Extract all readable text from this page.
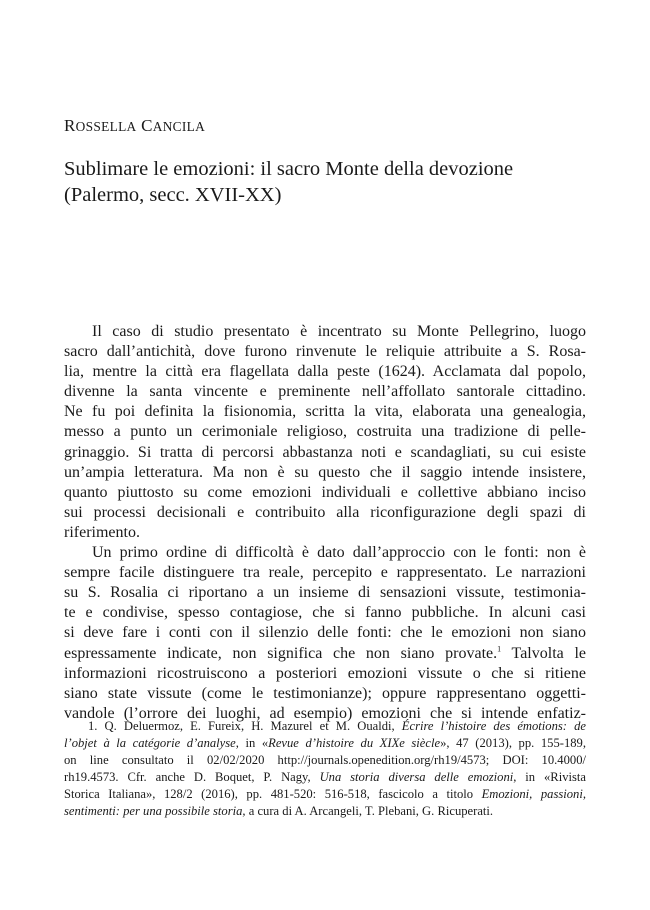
ROSSELLA CANCILA
Sublimare le emozioni: il sacro Monte della devozione
(Palermo, secc. XVII-XX)
Il caso di studio presentato è incentrato su Monte Pellegrino, luogo
sacro dall’antichità, dove furono rinvenute le reliquie attribuite a S. Rosa-
lia, mentre la città era flagellata dalla peste (1624). Acclamata dal popolo,
divenne la santa vincente e preminente nell’affollato santorale cittadino.
Ne fu poi definita la fisionomia, scritta la vita, elaborata una genealogia,
messo a punto un cerimoniale religioso, costruita una tradizione di pelle-
grinaggio. Si tratta di percorsi abbastanza noti e scandagliati, su cui esiste
un’ampia letteratura. Ma non è su questo che il saggio intende insistere,
quanto piuttosto su come emozioni individuali e collettive abbiano inciso
sui processi decisionali e contribuito alla riconfigurazione degli spazi di
riferimento.
Un primo ordine di difficoltà è dato dall’approccio con le fonti: non è
sempre facile distinguere tra reale, percepito e rappresentato. Le narrazioni
su S. Rosalia ci riportano a un insieme di sensazioni vissute, testimonia-
te e condivise, spesso contagiose, che si fanno pubbliche. In alcuni casi
si deve fare i conti con il silenzio delle fonti: che le emozioni non siano
espressamente indicate, non significa che non siano provate.$^1$ Talvolta le
informazioni ricostruiscono a posteriori emozioni vissute o che si ritiene
siano state vissute (come le testimonianze); oppure rappresentano oggetti-
vandole (l’orrore dei luoghi, ad esempio) emozioni che si intende enfatiz-
1. Q. Deluermoz, E. Fureix, H. Mazurel et M. Oualdi, Écrire l’histoire des émotions: de
l’objet à la catégorie d’analyse, in «Revue d’histoire du XIXe siècle», 47 (2013), pp. 155-189,
on line consultato il 02/02/2020 http://journals.openedition.org/rh19/4573; DOI: 10.4000/
rh19.4573. Cfr. anche D. Boquet, P. Nagy, Una storia diversa delle emozioni, in «Rivista
Storica Italiana», 128/2 (2016), pp. 481-520: 516-518, fascicolo a titolo Emozioni, passioni,
sentimenti: per una possibile storia, a cura di A. Arcangeli, T. Plebani, G. Ricuperati.
